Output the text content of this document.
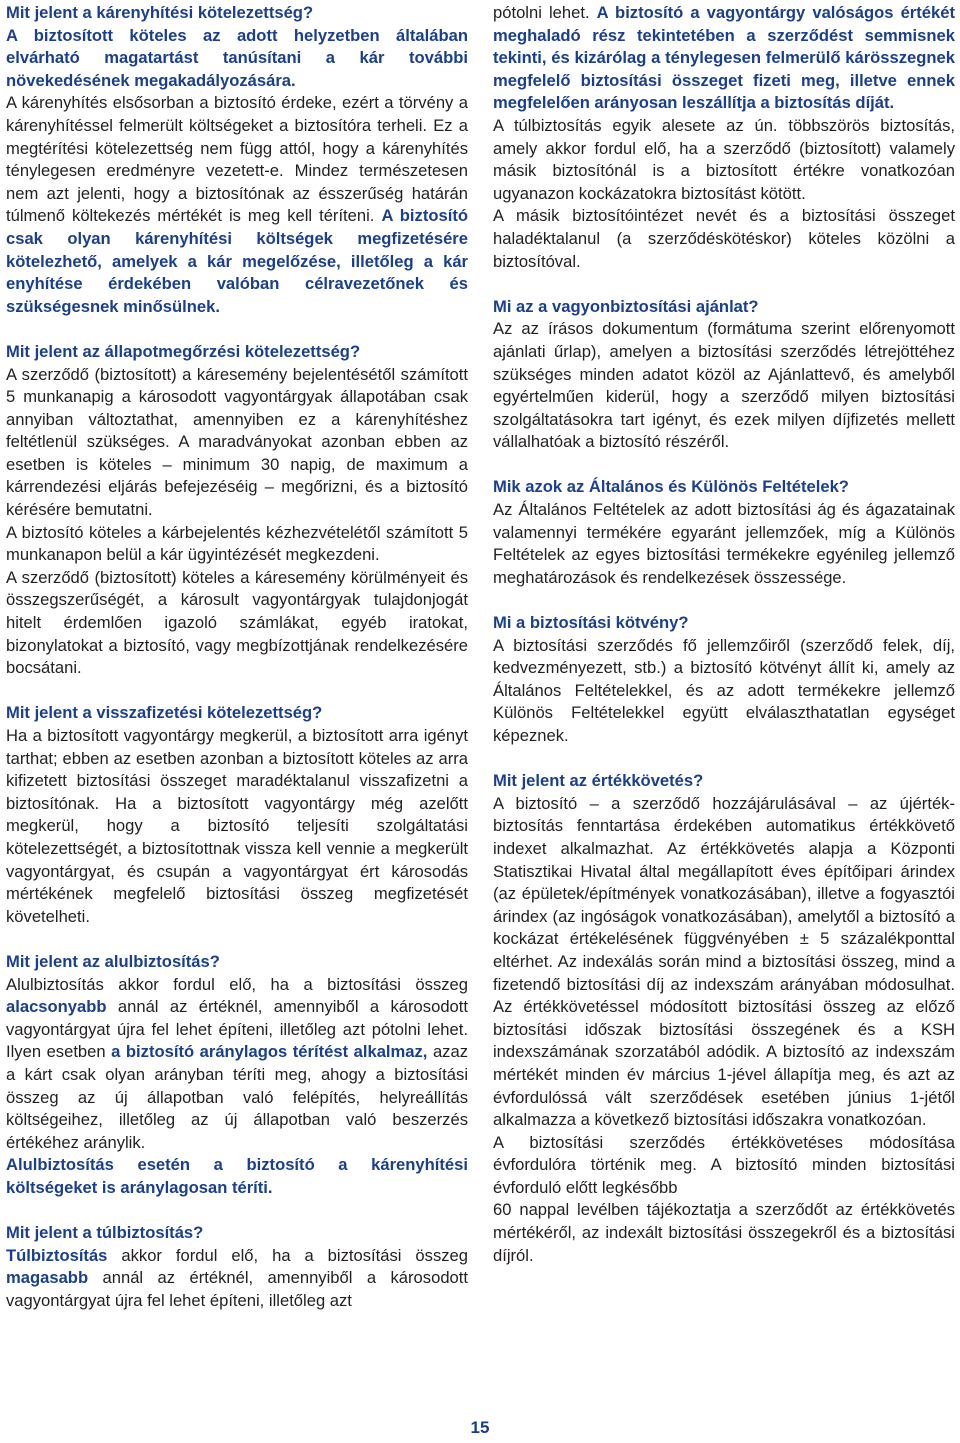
Mit jelent a kárenyhítési kötelezettség?

A biztosított köteles az adott helyzetben általában elvárható magatartást tanúsítani a kár további növekedésének megakadályozására.

A kárenyhítés elsősorban a biztosító érdeke, ezért a törvény a kárenyhítéssel felmerült költségeket a biztosítóra terheli. Ez a megtérítési kötelezettség nem függ attól, hogy a kárenyhítés ténylegesen eredményre vezetett-e. Mindez természetesen nem azt jelenti, hogy a biztosítónak az ésszerűség határán túlmenő költekezés mértékét is meg kell téríteni. A biztosító csak olyan kárenyhítési költségek megfizetésére kötelezhető, amelyek a kár megelőzése, illetőleg a kár enyhítése érdekében valóban célravezetőnek és szükségesnek minősülnek.

Mit jelent az állapotmegőrzési kötelezettség?

A szerződő (biztosított) a káresemény bejelentésétől számított 5 munkanapig a károsodott vagyontárgyak állapotában csak annyiban változtathat, amennyiben ez a kárenyhítéshez feltétlenül szükséges. A maradványokat azonban ebben az esetben is köteles – minimum 30 napig, de maximum a kárrendezési eljárás befejezéséig – megőrizni, és a biztosító kérésére bemutatni.

A biztosító köteles a kárbejelentés kézhezvételétől számított 5 munkanapon belül a kár ügyintézését megkezdeni.

A szerződő (biztosított) köteles a káresemény körülményeit és összegszerűségét, a károsult vagyontárgyak tulajdonjogát hitelt érdemlően igazoló számlákat, egyéb iratokat, bizonylatokat a biztosító, vagy megbízottjának rendelkezésére bocsátani.

Mit jelent a visszafizetési kötelezettség?

Ha a biztosított vagyontárgy megkerül, a biztosított arra igényt tarthat; ebben az esetben azonban a biztosított köteles az arra kifizetett biztosítási összeget maradéktalanul visszafizetni a biztosítónak. Ha a biztosított vagyontárgy még azelőtt megkerül, hogy a biztosító teljesíti szolgáltatási kötelezettségét, a biztosítottnak vissza kell vennie a megkerült vagyontárgyat, és csupán a vagyontárgyat ért károsodás mértékének megfelelő biztosítási összeg megfizetését követelheti.

Mit jelent az alulbiztosítás?

Alulbiztosítás akkor fordul elő, ha a biztosítási összeg alacsonyabb annál az értéknél, amennyiből a károsodott vagyontárgyat újra fel lehet építeni, illetőleg azt pótolni lehet. Ilyen esetben a biztosító aránylagos térítést alkalmaz, azaz a kárt csak olyan arányban téríti meg, ahogy a biztosítási összeg az új állapotban való felépítés, helyreállítás költségeihez, illetőleg az új állapotban való beszerzés értékéhez aránylik.

Alulbiztosítás esetén a biztosító a kárenyhítési költségeket is aránylagosan téríti.

Mit jelent a túlbiztosítás?

Túlbiztosítás akkor fordul elő, ha a biztosítási összeg magasabb annál az értéknél, amennyiből a károsodott vagyontárgyat újra fel lehet építeni, illetőleg azt

pótolni lehet. A biztosító a vagyontárgy valóságos értékét meghaladó rész tekintetében a szerződést semmisnek tekinti, és kizárólag a ténylegesen felmerülő kárösszegnek megfelelő biztosítási összeget fizeti meg, illetve ennek megfelelően arányosan leszállítja a biztosítás díját.

A túlbiztosítás egyik alesete az ún. többszörös biztosítás, amely akkor fordul elő, ha a szerződő (biztosított) valamely másik biztosítónál is a biztosított értékre vonatkozóan ugyanazon kockázatokra biztosítást kötött.

A másik biztosítóintézet nevét és a biztosítási összeget haladéktalanul (a szerződéskötéskor) köteles közölni a biztosítóval.

Mi az a vagyonbiztosítási ajánlat?

Az az írásos dokumentum (formátuma szerint előrenyomott ajánlati űrlap), amelyen a biztosítási szerződés létrejöttéhez szükséges minden adatot közöl az Ajánlattevő, és amelyből egyértelműen kiderül, hogy a szerződő milyen biztosítási szolgáltatásokra tart igényt, és ezek milyen díjfizetés mellett vállalhatóak a biztosító részéről.

Mik azok az Általános és Különös Feltételek?

Az Általános Feltételek az adott biztosítási ág és ágazatainak valamennyi termékére egyaránt jellemzőek, míg a Különös Feltételek az egyes biztosítási termékekre egyénileg jellemző meghatározások és rendelkezések összessége.

Mi a biztosítási kötvény?

A biztosítási szerződés fő jellemzőiről (szerződő felek, díj, kedvezményezett, stb.) a biztosító kötvényt állít ki, amely az Általános Feltételekkel, és az adott termékekre jellemző Különös Feltételekkel együtt elválaszthatatlan egységet képeznek.

Mit jelent az értékkövetés?

A biztosító – a szerződő hozzájárulásával – az újérték-biztosítás fenntartása érdekében automatikus értékkövető indexet alkalmazhat. Az értékkövetés alapja a Központi Statisztikai Hivatal által megállapított éves építőipari árindex (az épületek/építmények vonatkozásában), illetve a fogyasztói árindex (az ingóságok vonatkozásában), amelytől a biztosító a kockázat értékelésének függvényében ± 5 százalékponttal eltérhet. Az indexálás során mind a biztosítási összeg, mind a fizetendő biztosítási díj az indexszám arányában módosulhat. Az értékkövetéssel módosított biztosítási összeg az előző biztosítási időszak biztosítási összegének és a KSH indexszámának szorzatából adódik. A biztosító az indexszám mértékét minden év március 1-jével állapítja meg, és azt az évfordulóssá vált szerződések esetében június 1-jétől alkalmazza a következő biztosítási időszakra vonatkozóan.

A biztosítási szerződés értékkövetéses módosítása évfordulóra történik meg. A biztosító minden biztosítási évforduló előtt legkésőbb

60 nappal levélben tájékoztatja a szerződőt az értékkövetés mértékéről, az indexált biztosítási összegekről és a biztosítási díjról.

15
